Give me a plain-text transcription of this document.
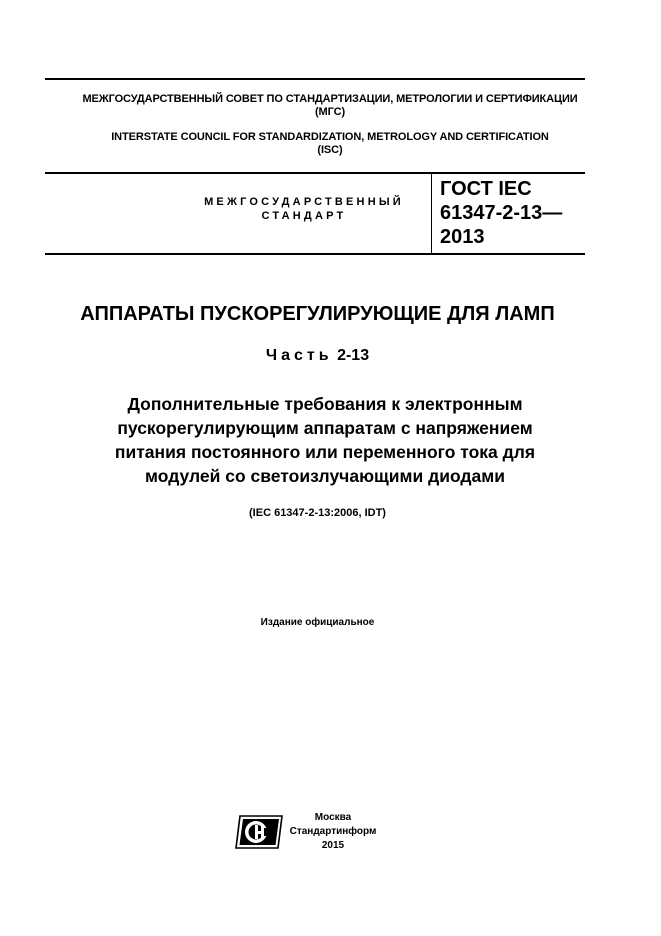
МЕЖГОСУДАРСТВЕННЫЙ СОВЕТ ПО СТАНДАРТИЗАЦИИ, МЕТРОЛОГИИ И СЕРТИФИКАЦИИ
(МГС)
INTERSTATE COUNCIL FOR STANDARDIZATION, METROLOGY AND CERTIFICATION
(ISC)
МЕЖГОСУДАРСТВЕННЫЙ
СТАНДАРТ
ГОСТ IEC
61347-2-13—
2013
АППАРАТЫ ПУСКОРЕГУЛИРУЮЩИЕ ДЛЯ ЛАМП
Часть 2-13
Дополнительные требования к электронным
пускорегулирующим аппаратам с напряжением
питания постоянного или переменного тока для
модулей со светоизлучающими диодами
(IEC 61347-2-13:2006, IDT)
Издание официальное
Москва
Стандартинформ
2015
